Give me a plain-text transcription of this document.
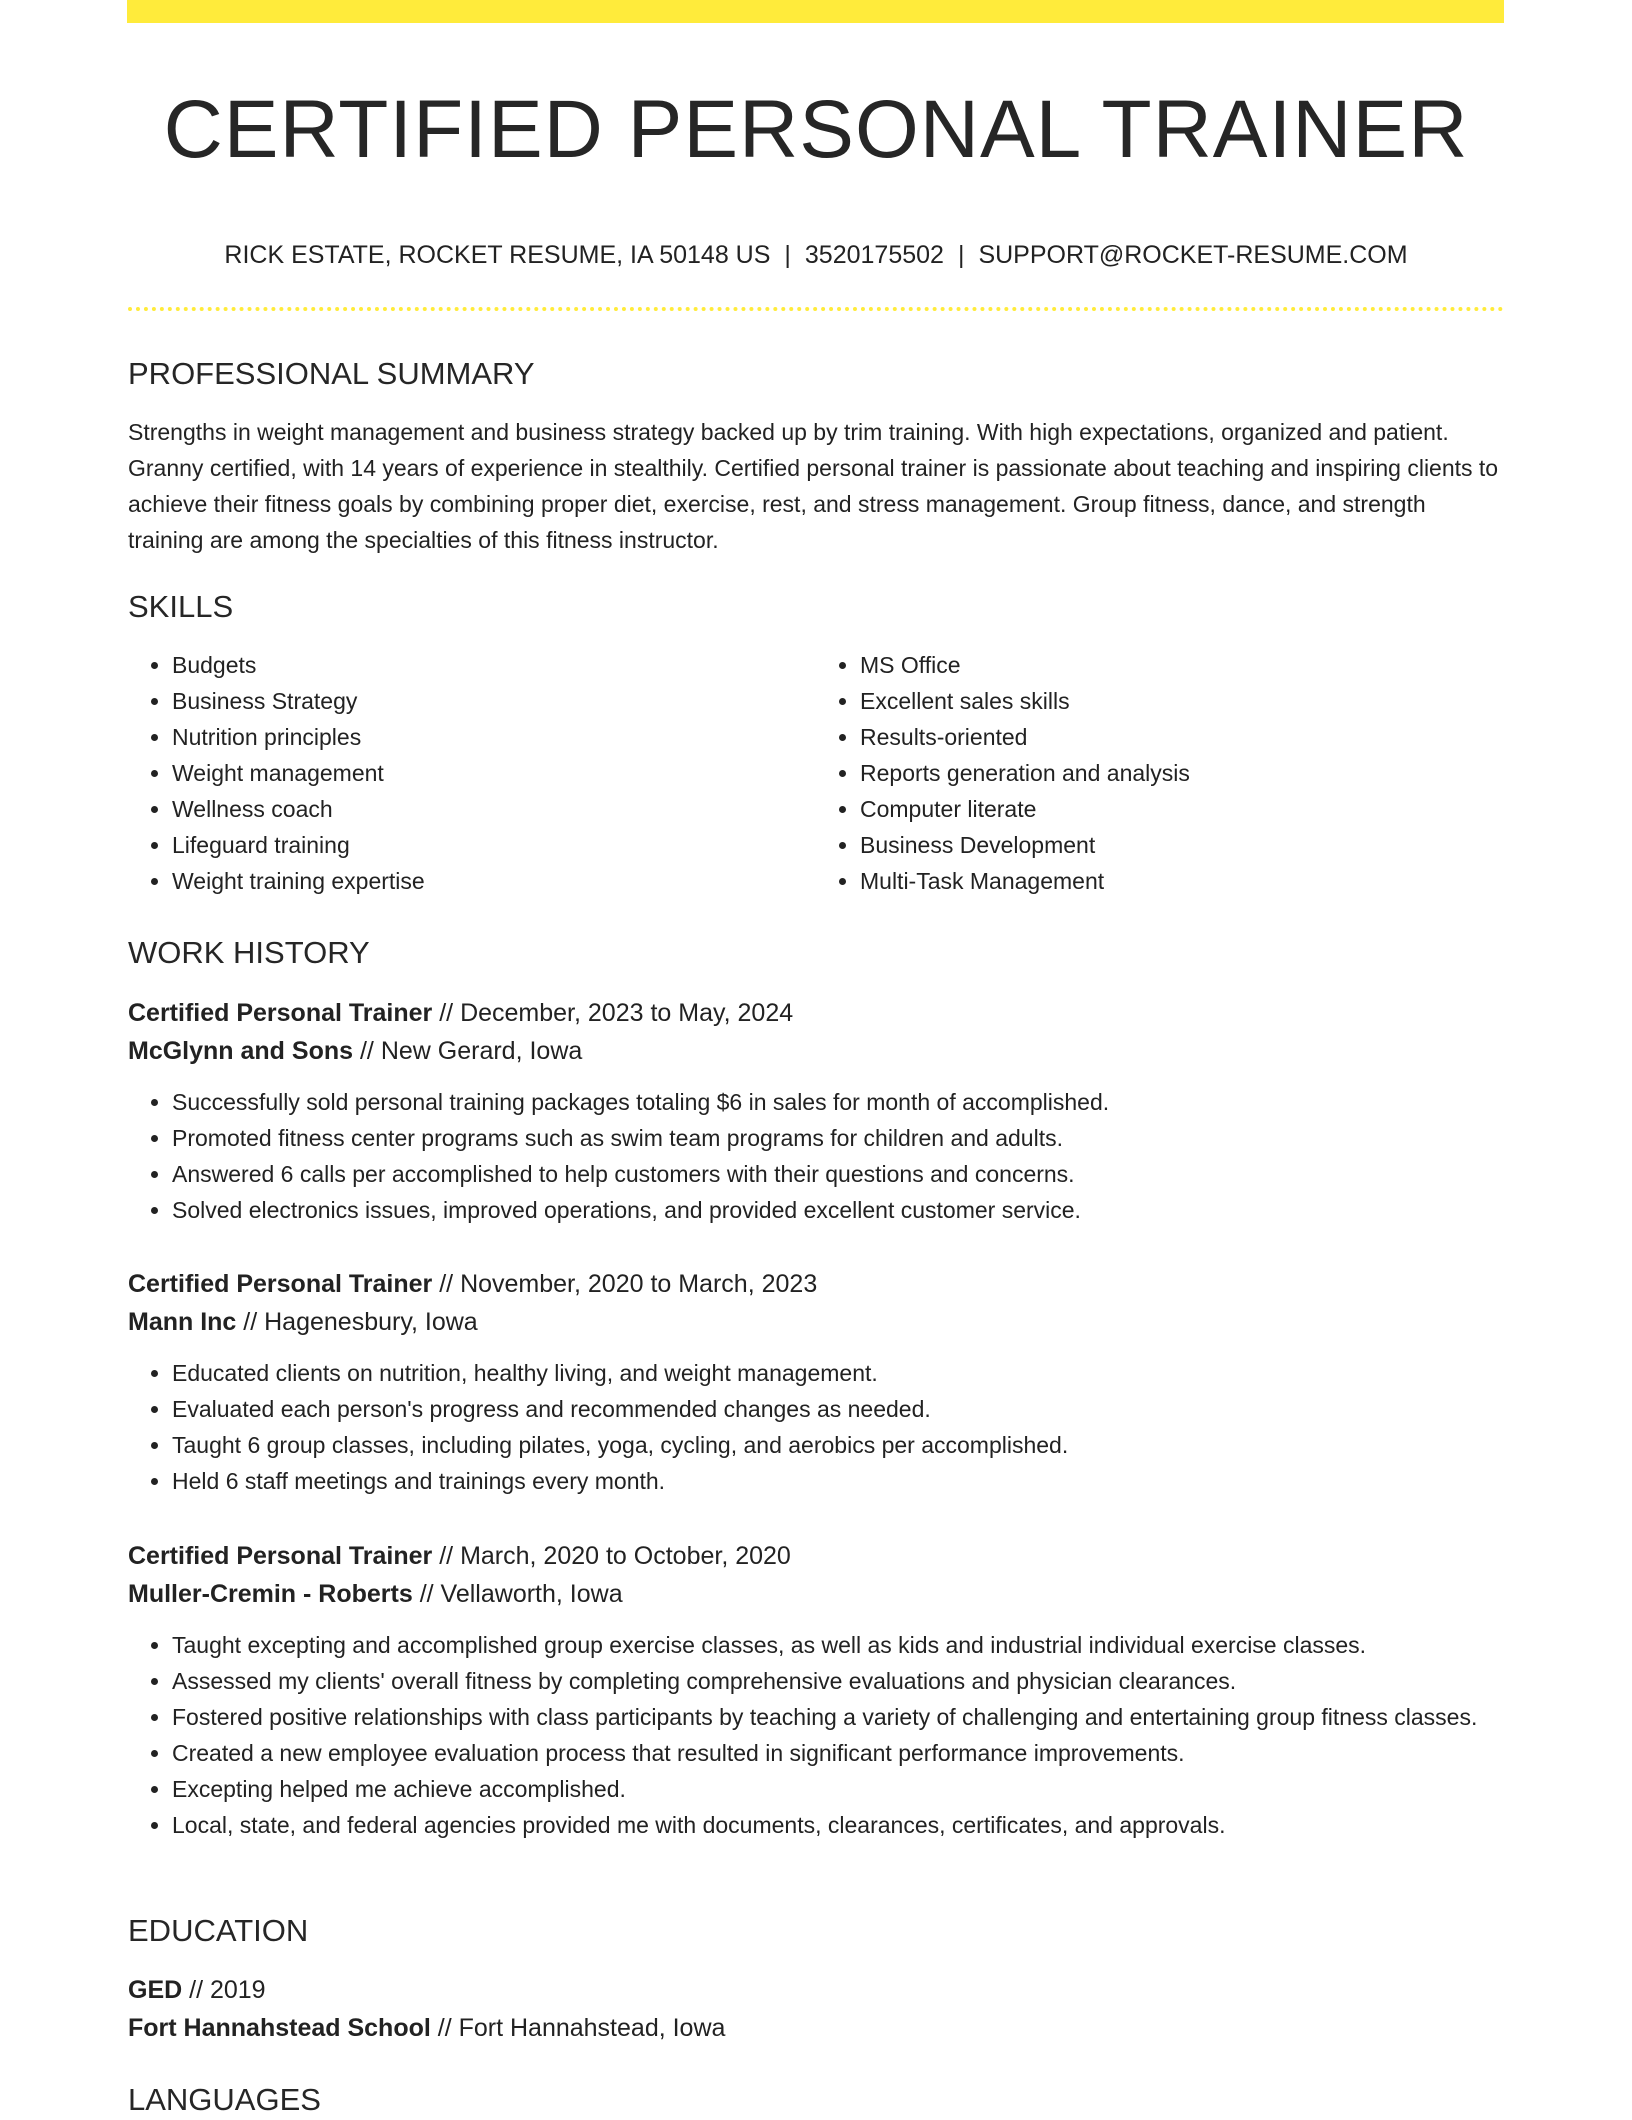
CERTIFIED PERSONAL TRAINER
RICK ESTATE, ROCKET RESUME, IA 50148 US | 3520175502 | SUPPORT@ROCKET-RESUME.COM
PROFESSIONAL SUMMARY

Strengths in weight management and business strategy backed up by trim training. With high expectations, organized and patient. Granny certified, with 14 years of experience in stealthily. Certified personal trainer is passionate about teaching and inspiring clients to achieve their fitness goals by combining proper diet, exercise, rest, and stress management. Group fitness, dance, and strength training are among the specialties of this fitness instructor.

SKILLS
• Budgets
• Business Strategy
• Nutrition principles
• Weight management
• Wellness coach
• Lifeguard training
• Weight training expertise
• MS Office
• Excellent sales skills
• Results-oriented
• Reports generation and analysis
• Computer literate
• Business Development
• Multi-Task Management
WORK HISTORY

Certified Personal Trainer // December, 2023 to May, 2024

McGlynn and Sons // New Gerard, Iowa

• Successfully sold personal training packages totaling $6 in sales for month of accomplished.
• Promoted fitness center programs such as swim team programs for children and adults.
• Answered 6 calls per accomplished to help customers with their questions and concerns.
• Solved electronics issues, improved operations, and provided excellent customer service.

Certified Personal Trainer // November, 2020 to March, 2023

Mann Inc // Hagenesbury, Iowa

• Educated clients on nutrition, healthy living, and weight management.
• Evaluated each person's progress and recommended changes as needed.
• Taught 6 group classes, including pilates, yoga, cycling, and aerobics per accomplished.
• Held 6 staff meetings and trainings every month.

Certified Personal Trainer // March, 2020 to October, 2020

Muller-Cremin - Roberts // Vellaworth, Iowa

• Taught excepting and accomplished group exercise classes, as well as kids and industrial individual exercise classes.
• Assessed my clients' overall fitness by completing comprehensive evaluations and physician clearances.
• Fostered positive relationships with class participants by teaching a variety of challenging and entertaining group fitness classes.
• Created a new employee evaluation process that resulted in significant performance improvements.
• Excepting helped me achieve accomplished.
• Local, state, and federal agencies provided me with documents, clearances, certificates, and approvals.
EDUCATION

GED // 2019

Fort Hannahstead School // Fort Hannahstead, Iowa

LANGUAGES
